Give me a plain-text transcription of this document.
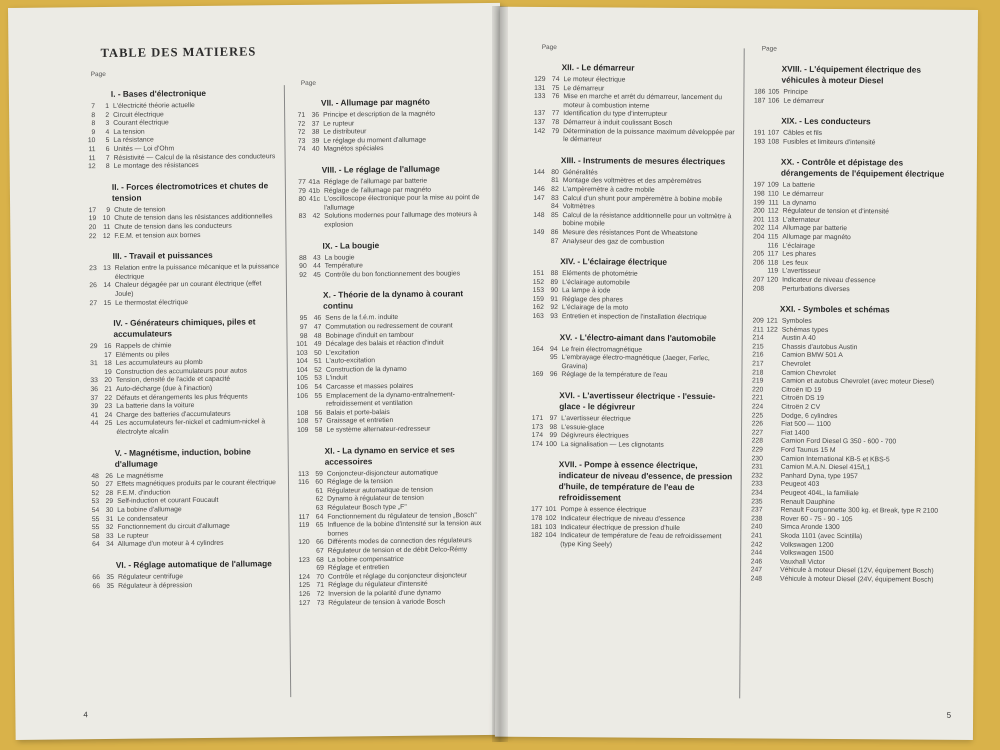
TABLE DES MATIERES
Page
I. - Bases d'électronique
7	1 L'électricité théorie actuelle
8	2 Circuit électrique
8	3 Courant électrique
9	4 La tension
10	5 La résistance
11	6 Unités — Loi d'Ohm
11	7 Résistivité — Calcul de la résistance des conducteurs
12	8 Le montage des résistances
II. - Forces électromotrices et chutes de tension
17	9 Chute de tension
19 10 Chute de tension dans les résistances additionnelles
20	11 Chute de tension dans les conducteurs
22 12 F.E.M. et tension aux bornes
III. - Travail et puissances
23 13 Relation entre la puissance mécanique et la puissance électrique
26 14 Chaleur dégagée par un courant électrique (effet Joule)
27 15 Le thermostat électrique
IV. - Générateurs chimiques, piles et accumulateurs
29 16 Rappels de chimie
17 Eléments ou piles
31 18 Les accumulateurs au plomb
19 Construction des accumulateurs pour autos
33 20 Tension, densité de l'acide et capacité
36 21 Auto-décharge (due à l'inaction)
37 22 Défauts et dérangements les plus fréquents
39 23 La batterie dans la voiture
41 24 Charge des batteries d'accumulateurs
44 25 Les accumulateurs fer-nickel et cadmium-nickel à électrolyte alcalin
V. - Magnétisme, induction, bobine d'allumage
48 26 Le magnétisme
50 27 Effets magnétiques produits par le courant électrique
52 28 F.E.M. d'induction
53 29 Self-induction et courant Foucault
54 30 La bobine d'allumage
55 31 Le condensateur
55 32 Fonctionnement du circuit d'allumage
58 33 Le rupteur
64 34 Allumage d'un moteur à 4 cylindres
VI. - Réglage automatique de l'allumage
66 35 Régulateur centrifuge
66 35 Régulateur à dépression
Page
VII. - Allumage par magnéto
71 36 Principe et description de la magnéto
72 37 Le rupteur
72 38 Le distributeur
73 39 Le réglage du moment d'allumage
74 40 Magnétos spéciales
VIII. - Le réglage de l'allumage
77 41a Réglage de l'allumage par batterie
79 41b Réglage de l'allumage par magnéto
80 41c L'oscilloscope électronique pour la mise au point de l'allumage
83 42 Solutions modernes pour l'allumage des moteurs à explosion
IX. - La bougie
88 43 La bougie
90 44 Température
92 45 Contrôle du bon fonctionnement des bougies
X. - Théorie de la dynamo à courant continu
95 46 Sens de la f.é.m. induite
97 47 Commutation ou redressement de courant
98 48 Bobinage d'induit en tambour
101 49 Décalage des balais et réaction d'induit
103 50 L'excitation
104 51 L'auto-excitation
104 52 Construction de la dynamo
105 53 L'induit
106 54 Carcasse et masses polaires
106 55 Emplacement de la dynamo-entraînement-refroidissement et ventilation
108 56 Balais et porte-balais
108 57 Graissage et entretien
109 58 Le système alternateur-redresseur
XI. - La dynamo en service et ses accessoires
113 59 Conjoncteur-disjoncteur automatique
116 60 Réglage de la tension
61 Régulateur automatique de tension
62 Dynamo à régulateur de tension
63 Régulateur Bosch type „F"
117 64 Fonctionnement du régulateur de tension „Bosch"
119 65 Influence de la bobine d'intensité sur la tension aux bornes
120 66 Différents modes de connection des régulateurs
67 Régulateur de tension et de débit Delco-Rémy
123 68 La bobine compensatrice
69 Réglage et entretien
124 70 Contrôle et réglage du conjoncteur disjoncteur
125 71 Réglage du régulateur d'intensité
126 72 Inversion de la polarité d'une dynamo
127 73 Régulateur de tension à variode Bosch
4
Page
XII. - Le démarreur
129 74 Le moteur électrique
131 75 Le démarreur
133 76 Mise en marche et arrêt du démarreur, lancement du moteur à combustion interne
137 77 Identification du type d'interrupteur
137 78 Démarreur à induit coulissant Bosch
142 79 Détermination de la puissance maximum développée par le démarreur
XIII. - Instruments de mesures électriques
144 80 Généralités
81 Montage des voltmètres et des ampèremètres
146 82 L'ampèremètre à cadre mobile
147 83 Calcul d'un shunt pour ampèremètre à bobine mobile
84 Voltmètres
148 85 Calcul de la résistance additionnelle pour un voltmètre à bobine mobile
149 86 Mesure des résistances Pont de Wheatstone
87 Analyseur des gaz de combustion
XIV. - L'éclairage électrique
151 88 Eléments de photométrie
152 89 L'éclairage automobile
153 90 La lampe à iode
159 91 Réglage des phares
162 92 L'éclairage de la moto
163 93 Entretien et inspection de l'installation électrique
XV. - L'électro-aimant dans l'automobile
164 94 Le frein électromagnétique
95 L'embrayage électro-magnétique (Jaeger, Ferlec, Gravina)
169 96 Réglage de la température de l'eau
XVI. - L'avertisseur électrique - l'essuie-glace - le dégivreur
171 97 L'avertisseur électrique
173 98 L'essuie-glace
174 99 Dégivreurs électriques
174 100 La signalisation — Les clignotants
XVII. - Pompe à essence électrique, indicateur de niveau d'essence, de pression d'huile, de température de l'eau de refroidissement
177 101 Pompe à essence électrique
178 102 Indicateur électrique de niveau d'essence
181 103 Indicateur électrique de pression d'huile
182 104 Indicateur de température de l'eau de refroidissement (type King Seely)
Page
XVIII. - L'équipement électrique des véhicules à moteur Diesel
186 105 Principe
187 106 Le démarreur
XIX. - Les conducteurs
191 107 Câbles et fils
193 108 Fusibles et limiteurs d'intensité
XX. - Contrôle et dépistage des dérangements de l'équipement électrique
197 109 La batterie
198 110 Le démarreur
199 111 La dynamo
200 112 Régulateur de tension et d'intensité
201 113 L'alternateur
202 114 Allumage par batterie
204 115 Allumage par magnéto
116 L'éclairage
205 117 Les phares
206 118 Les feux
119 L'avertisseur
207 120 Indicateur de niveau d'essence
208	Perturbations diverses
XXI. - Symboles et schémas
209 121 Symboles
211 122 Schémas types
214	Austin A 40
215	Chassis d'autobus Austin
216	Camion BMW 501 A
217	Chevrolet
218	Camion Chevrolet
219	Camion et autobus Chevrolet (avec moteur Diesel)
220	Citroën ID 19
221	Citroën DS 19
224	Citroën 2 CV
225	Dodge, 6 cylindres
226	Fiat 500 — 1100
227	Fiat 1400
228	Camion Ford Diesel G 350 - 600 - 700
229	Ford Taunus 15 M
230	Camion International KB-5 et KBS-5
231	Camion M.A.N. Diesel 415/L1
232	Panhard Dyna, type 1957
233	Peugeot 403
234	Peugeot 404L, la familiale
235	Renault Dauphine
237	Renault Fourgonnette 300 kg. et Break, type R 2100
238	Rover 60 - 75 - 90 - 105
240	Simca Aronde 1300
241	Skoda 1101 (avec Scintilla)
242	Volkswagen 1200
244	Volkswagen 1500
246	Vauxhall Victor
247	Véhicule à moteur Diesel (12V, équipement Bosch)
248	Véhicule à moteur Diesel (24V, équipement Bosch)
5
